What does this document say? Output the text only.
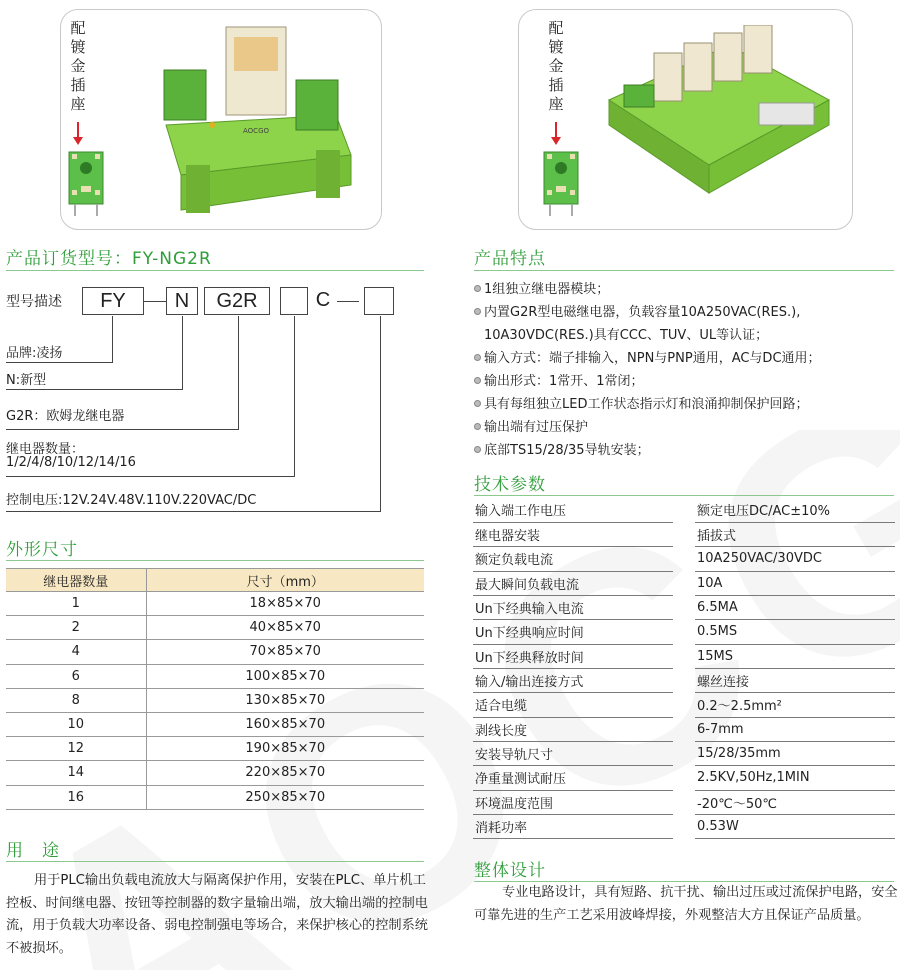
配镀金插座
AOCGO
配镀金插座
产品订货型号：FY-NG2R
型号描述	FY	N	G2R	C
品牌:凌扬
N:新型
G2R：欧姆龙继电器
继电器数量：
1/2/4/8/10/12/14/16
控制电压:12V.24V.48V.110V.220VAC/DC
外形尺寸
继电器数量	尺寸（mm）
1	18×85×70
2	40×85×70
4	70×85×70
6	100×85×70
8	130×85×70
10	160×85×70
12	190×85×70
14	220×85×70
16	250×85×70
用　途
用于PLC输出负载电流放大与隔离保护作用，安装在PLC、单片机工控板、时间继电器、按钮等控制器的数字量输出端，放大输出端的控制电流，用于负载大功率设备、弱电控制强电等场合，来保护核心的控制系统不被损坏。
产品特点
1组独立继电器模块；
内置G2R型电磁继电器，负载容量10A250VAC(RES.),
10A30VDC(RES.)具有CCC、TUV、UL等认证；
输入方式：端子排输入，NPN与PNP通用，AC与DC通用；
输出形式：1常开、1常闭；
具有每组独立LED工作状态指示灯和浪涌抑制保护回路；
输出端有过压保护
底部TS15/28/35导轨安装；
技术参数
输入端工作电压		额定电压DC/AC±10%
继电器安装		插拔式
额定负载电流		10A250VAC/30VDC
最大瞬间负载电流		10A
Un下经典输入电流		6.5MA
Un下经典响应时间		0.5MS
Un下经典释放时间		15MS
输入/输出连接方式		螺丝连接
适合电缆		0.2～2.5mm²
剥线长度		6-7mm
安装导轨尺寸		15/28/35mm
净重量测试耐压		2.5KV,50Hz,1MIN
环境温度范围		-20℃～50℃
消耗功率		0.53W
整体设计
专业电路设计，具有短路、抗干扰、输出过压或过流保护电路，安全可靠先进的生产工艺采用波峰焊接，外观整洁大方且保证产品质量。
